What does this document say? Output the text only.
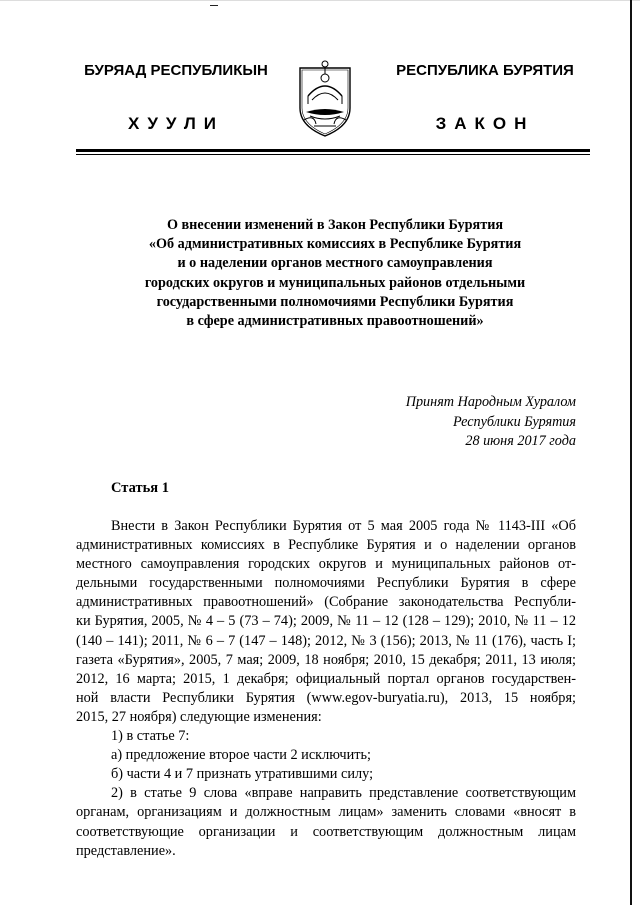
БУРЯАД РЕСПУБЛИКЫН	РЕСПУБЛИКА БУРЯТИЯ
ХУУЛИ	ЗАКОН
О внесении изменений в Закон Республики Бурятия
«Об административных комиссиях в Республике Бурятия
и о наделении органов местного самоуправления
городских округов и муниципальных районов отдельными
государственными полномочиями Республики Бурятия
в сфере административных правоотношений»
Принят Народным Хуралом
Республики Бурятия
28 июня 2017 года
Статья 1
Внести в Закон Республики Бурятия от 5 мая 2005 года № 1143-III «Об
административных комиссиях в Республике Бурятия и о наделении органов
местного самоуправления городских округов и муниципальных районов от-
дельными государственными полномочиями Республики Бурятия в сфере
административных правоотношений» (Собрание законодательства Республи-
ки Бурятия, 2005, № 4 – 5 (73 – 74); 2009, № 11 – 12 (128 – 129); 2010, № 11 – 12
(140 – 141); 2011, № 6 – 7 (147 – 148); 2012, № 3 (156); 2013, № 11 (176), часть I;
газета «Бурятия», 2005, 7 мая; 2009, 18 ноября; 2010, 15 декабря; 2011, 13 июля;
2012, 16 марта; 2015, 1 декабря; официальный портал органов государствен-
ной власти Республики Бурятия (www.egov-buryatia.ru), 2013, 15 ноября;
2015, 27 ноября) следующие изменения:
1) в статье 7:
а) предложение второе части 2 исключить;
б) части 4 и 7 признать утратившими силу;
2) в статье 9 слова «вправе направить представление соответствующим
органам, организациям и должностным лицам» заменить словами «вносят в
соответствующие организации и соответствующим должностным лицам
представление».
